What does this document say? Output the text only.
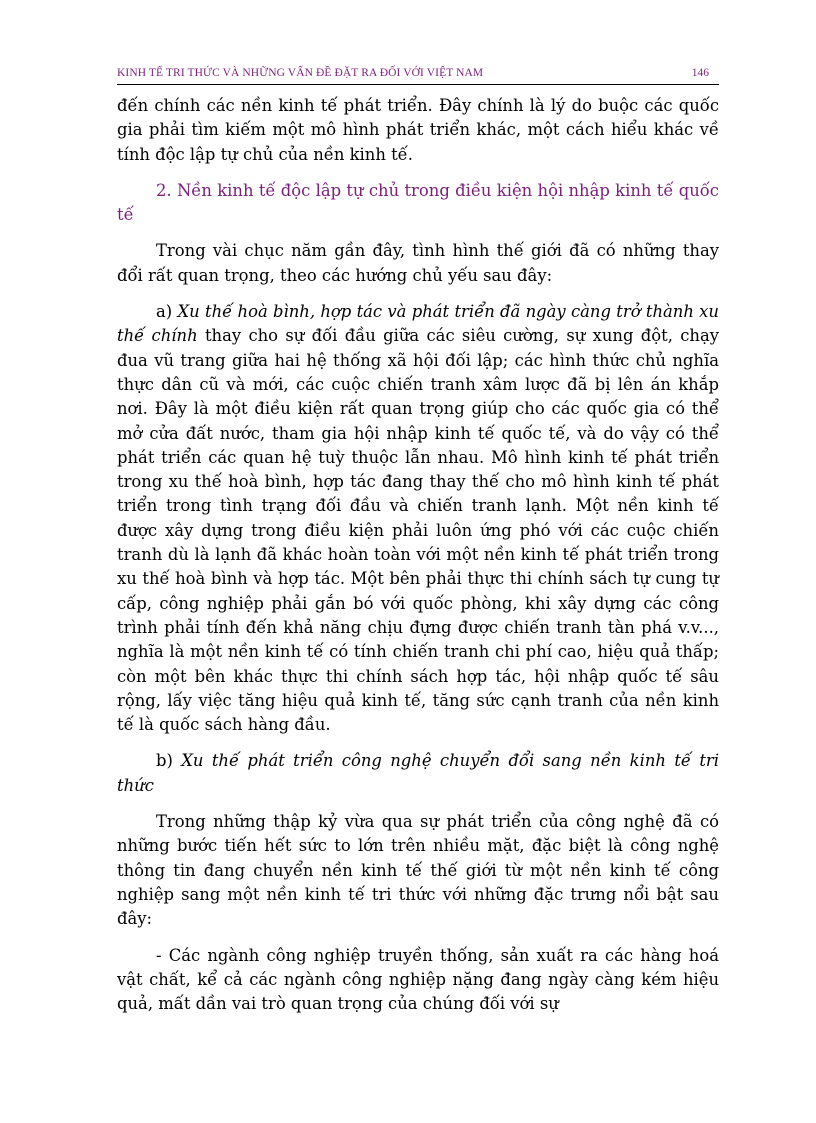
KINH TẾ TRI THỨC VÀ NHỮNG VẤN ĐỀ ĐẶT RA ĐỐI VỚI VIỆT NAM	146

đến chính các nền kinh tế phát triển. Đây chính là lý do buộc các quốc gia phải tìm kiếm một mô hình phát triển khác, một cách hiểu khác về tính độc lập tự chủ của nền kinh tế.

2. Nền kinh tế độc lập tự chủ trong điều kiện hội nhập kinh tế quốc tế

Trong vài chục năm gần đây, tình hình thế giới đã có những thay đổi rất quan trọng, theo các hướng chủ yếu sau đây:

a) Xu thế hoà bình, hợp tác và phát triển đã ngày càng trở thành xu thế chính thay cho sự đối đầu giữa các siêu cường, sự xung đột, chạy đua vũ trang giữa hai hệ thống xã hội đối lập; các hình thức chủ nghĩa thực dân cũ và mới, các cuộc chiến tranh xâm lược đã bị lên án khắp nơi. Đây là một điều kiện rất quan trọng giúp cho các quốc gia có thể mở cửa đất nước, tham gia hội nhập kinh tế quốc tế, và do vậy có thể phát triển các quan hệ tuỳ thuộc lẫn nhau. Mô hình kinh tế phát triển trong xu thế hoà bình, hợp tác đang thay thế cho mô hình kinh tế phát triển trong tình trạng đối đầu và chiến tranh lạnh. Một nền kinh tế được xây dựng trong điều kiện phải luôn ứng phó với các cuộc chiến tranh dù là lạnh đã khác hoàn toàn với một nền kinh tế phát triển trong xu thế hoà bình và hợp tác. Một bên phải thực thi chính sách tự cung tự cấp, công nghiệp phải gắn bó với quốc phòng, khi xây dựng các công trình phải tính đến khả năng chịu đựng được chiến tranh tàn phá v.v..., nghĩa là một nền kinh tế có tính chiến tranh chi phí cao, hiệu quả thấp; còn một bên khác thực thi chính sách hợp tác, hội nhập quốc tế sâu rộng, lấy việc tăng hiệu quả kinh tế, tăng sức cạnh tranh của nền kinh tế là quốc sách hàng đầu.

b) Xu thế phát triển công nghệ chuyển đổi sang nền kinh tế tri thức

Trong những thập kỷ vừa qua sự phát triển của công nghệ đã có những bước tiến hết sức to lớn trên nhiều mặt, đặc biệt là công nghệ thông tin đang chuyển nền kinh tế thế giới từ một nền kinh tế công nghiệp sang một nền kinh tế tri thức với những đặc trưng nổi bật sau đây:

- Các ngành công nghiệp truyền thống, sản xuất ra các hàng hoá vật chất, kể cả các ngành công nghiệp nặng đang ngày càng kém hiệu quả, mất dần vai trò quan trọng của chúng đối với sự
